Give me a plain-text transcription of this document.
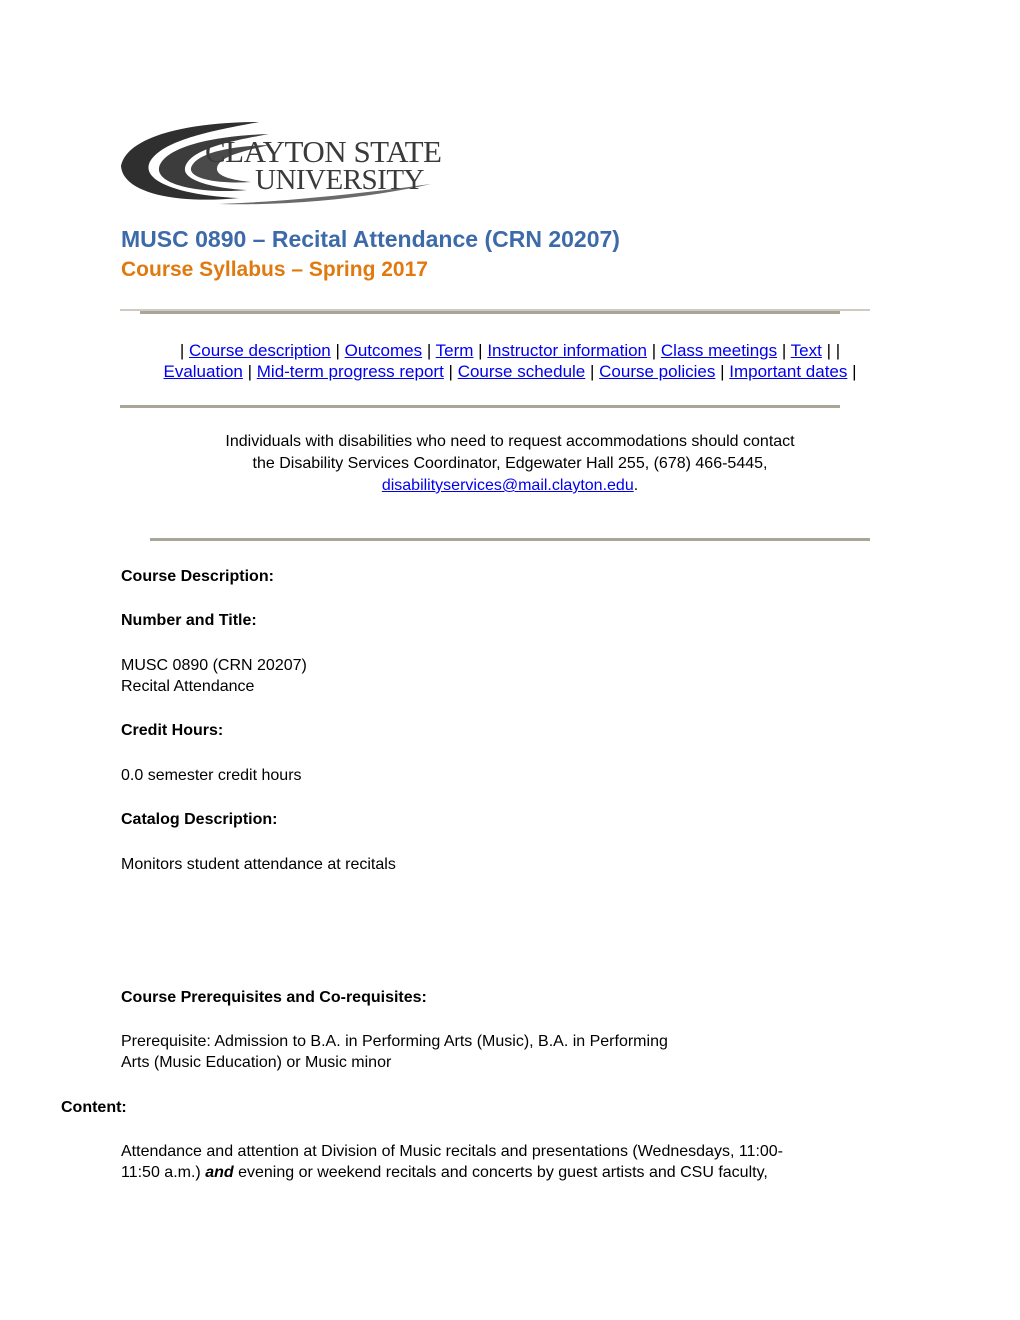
CLAYTON STATE
UNIVERSITY
MUSC 0890 – Recital Attendance (CRN 20207)
Course Syllabus – Spring 2017
| Course description | Outcomes | Term | Instructor information | Class meetings | Text | |
Evaluation | Mid-term progress report | Course schedule | Course policies | Important dates |
Individuals with disabilities who need to request accommodations should contact
the Disability Services Coordinator, Edgewater Hall 255, (678) 466-5445,
disabilityservices@mail.clayton.edu.
Course Description:
Number and Title:
MUSC 0890 (CRN 20207)
Recital Attendance
Credit Hours:
0.0 semester credit hours
Catalog Description:
Monitors student attendance at recitals
Course Prerequisites and Co-requisites:
Prerequisite: Admission to B.A. in Performing Arts (Music), B.A. in Performing
Arts (Music Education) or Music minor
Content:
Attendance and attention at Division of Music recitals and presentations (Wednesdays, 11:00-
11:50 a.m.) and evening or weekend recitals and concerts by guest artists and CSU faculty,
